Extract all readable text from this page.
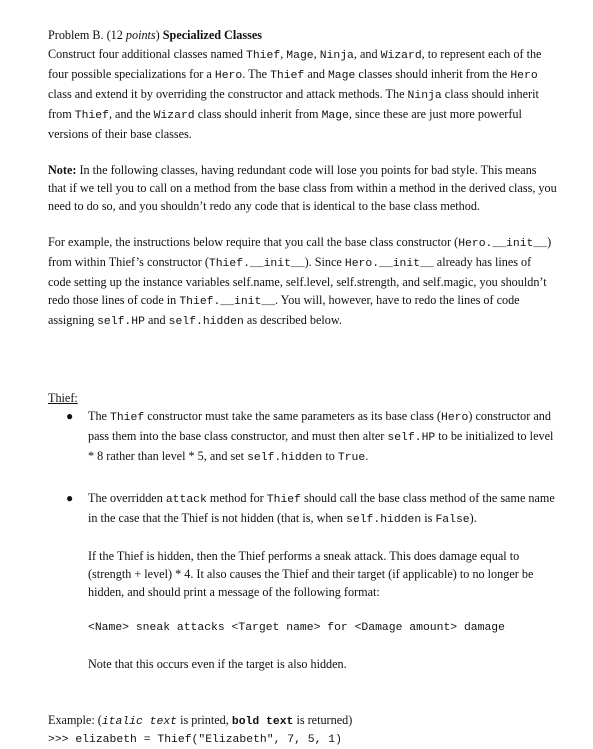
Problem B. (12 points) Specialized Classes

Construct four additional classes named Thief, Mage, Ninja, and Wizard, to represent each of the four possible specializations for a Hero. The Thief and Mage classes should inherit from the Hero class and extend it by overriding the constructor and attack methods. The Ninja class should inherit from Thief, and the Wizard class should inherit from Mage, since these are just more powerful versions of their base classes.

Note: In the following classes, having redundant code will lose you points for bad style. This means that if we tell you to call on a method from the base class from within a method in the derived class, you need to do so, and you shouldn’t redo any code that is identical to the base class method.

For example, the instructions below require that you call the base class constructor (Hero.__init__) from within Thief’s constructor (Thief.__init__). Since Hero.__init__ already has lines of code setting up the instance variables self.name, self.level, self.strength, and self.magic, you shouldn’t redo those lines of code in Thief.__init__. You will, however, have to redo the lines of code assigning self.HP and self.hidden as described below.

Thief:

● The Thief constructor must take the same parameters as its base class (Hero) constructor and pass them into the base class constructor, and must then alter self.HP to be initialized to level * 8 rather than level * 5, and set self.hidden to True.

● The overridden attack method for Thief should call the base class method of the same name in the case that the Thief is not hidden (that is, when self.hidden is False).

If the Thief is hidden, then the Thief performs a sneak attack. This does damage equal to (strength + level) * 4. It also causes the Thief and their target (if applicable) to no longer be hidden, and should print a message of the following format:

<Name> sneak attacks <Target name> for <Damage amount> damage

Note that this occurs even if the target is also hidden.

Example: (italic text is printed, bold text is returned)

>>> elizabeth = Thief("Elizabeth", 7, 5, 1)
